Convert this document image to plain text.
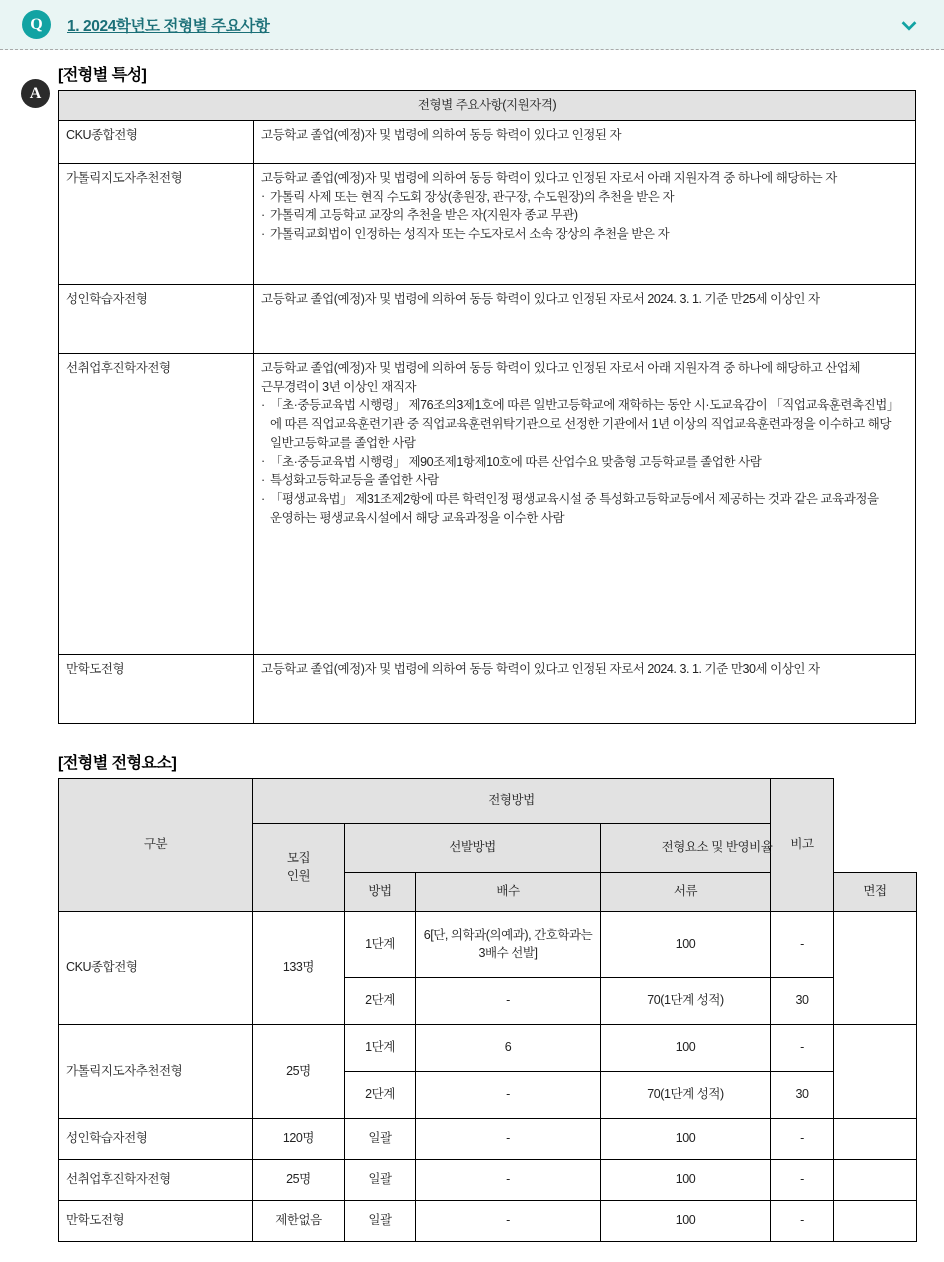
Q	1. 2024학년도 전형별 주요사항
A
[전형별 특성]
전형별 주요사항(지원자격)	
CKU종합전형	고등학교 졸업(예정)자 및 법령에 의하여 동등 학력이 있다고 인정된 자

가톨릭지도자추천전형	고등학교 졸업(예정)자 및 법령에 의하여 동등 학력이 있다고 인정된 자로서 아래 지원자격 중 하나에 해당하는 자

· 가톨릭 사제 또는 현직 수도회 장상(총원장, 관구장, 수도원장)의 추천을 받은 자
· 가톨릭계 고등학교 교장의 추천을 받은 자(지원자 종교 무관)
· 가톨릭교회법이 인정하는 성직자 또는 수도자로서 소속 장상의 추천을 받은 자

성인학습자전형	고등학교 졸업(예정)자 및 법령에 의하여 동등 학력이 있다고 인정된 자로서 2024. 3. 1. 기준 만25세 이상인 자

선취업후진학자전형	고등학교 졸업(예정)자 및 법령에 의하여 동등 학력이 있다고 인정된 자로서 아래 지원자격 중 하나에 해당하고 산업체 근무경력이 3년 이상인 재직자

· 「초·중등교육법 시행령」 제76조의3제1호에 따른 일반고등학교에 재학하는 동안 시·도교육감이 「직업교육훈련촉진법」에 따른 직업교육훈련기관 중 직업교육훈련위탁기관으로 선정한 기관에서 1년 이상의 직업교육훈련과정을 이수하고 해당 일반고등학교를 졸업한 사람
· 「초·중등교육법 시행령」 제90조제1항제10호에 따른 산업수요 맞춤형 고등학교를 졸업한 사람
· 특성화고등학교등을 졸업한 사람
· 「평생교육법」 제31조제2항에 따른 학력인정 평생교육시설 중 특성화고등학교등에서 제공하는 것과 같은 교육과정을 운영하는 평생교육시설에서 해당 교육과정을 이수한 사람

만학도전형	고등학교 졸업(예정)자 및 법령에 의하여 동등 학력이 있다고 인정된 자로서 2024. 3. 1. 기준 만30세 이상인 자

[전형별 전형요소]
구분	전형방법				비고	
	모집
인원	선발방법		전형요소 및 반영비율		
		방법	배수	서류		면접
CKU종합전형	133명	1단계	6[단, 의학과(의예과), 간호학과는 3배수 선발]	100	-	
		2단계	-	70(1단계 성적)	30	
가톨릭지도자추천전형	25명	1단계	6	100	-	
		2단계	-	70(1단계 성적)	30	
성인학습자전형	120명	일괄	-	100	-	
선취업후진학자전형	25명	일괄	-	100	-	
만학도전형	제한없음	일괄	-	100	-	
